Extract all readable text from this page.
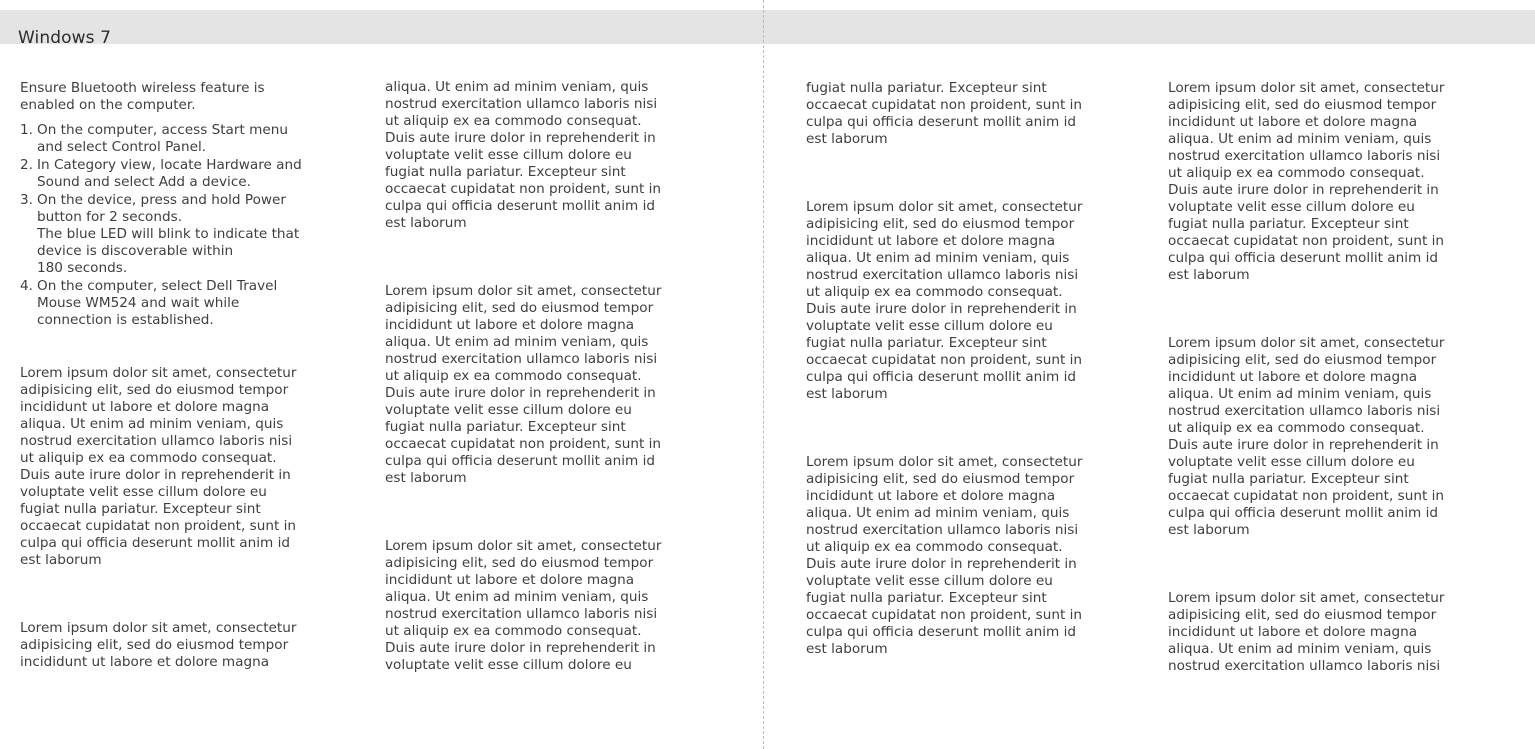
Windows 7

Ensure Bluetooth wireless feature is
enabled on the computer.

1. On the computer, access Start menu
and select Control Panel.
2. In Category view, locate Hardware and
Sound and select Add a device.
3. On the device, press and hold Power
button for 2 seconds.
The blue LED will blink to indicate that
device is discoverable within
180 seconds.
4. On the computer, select Dell Travel
Mouse WM524 and wait while
connection is established.

Lorem ipsum dolor sit amet, consectetur
adipisicing elit, sed do eiusmod tempor
incididunt ut labore et dolore magna
aliqua. Ut enim ad minim veniam, quis
nostrud exercitation ullamco laboris nisi
ut aliquip ex ea commodo consequat.
Duis aute irure dolor in reprehenderit in
voluptate velit esse cillum dolore eu
fugiat nulla pariatur. Excepteur sint
occaecat cupidatat non proident, sunt in
culpa qui officia deserunt mollit anim id
est laborum

Lorem ipsum dolor sit amet, consectetur
adipisicing elit, sed do eiusmod tempor
incididunt ut labore et dolore magna

aliqua. Ut enim ad minim veniam, quis
nostrud exercitation ullamco laboris nisi
ut aliquip ex ea commodo consequat.
Duis aute irure dolor in reprehenderit in
voluptate velit esse cillum dolore eu
fugiat nulla pariatur. Excepteur sint
occaecat cupidatat non proident, sunt in
culpa qui officia deserunt mollit anim id
est laborum

Lorem ipsum dolor sit amet, consectetur
adipisicing elit, sed do eiusmod tempor
incididunt ut labore et dolore magna
aliqua. Ut enim ad minim veniam, quis
nostrud exercitation ullamco laboris nisi
ut aliquip ex ea commodo consequat.
Duis aute irure dolor in reprehenderit in
voluptate velit esse cillum dolore eu
fugiat nulla pariatur. Excepteur sint
occaecat cupidatat non proident, sunt in
culpa qui officia deserunt mollit anim id
est laborum

Lorem ipsum dolor sit amet, consectetur
adipisicing elit, sed do eiusmod tempor
incididunt ut labore et dolore magna
aliqua. Ut enim ad minim veniam, quis
nostrud exercitation ullamco laboris nisi
ut aliquip ex ea commodo consequat.
Duis aute irure dolor in reprehenderit in
voluptate velit esse cillum dolore eu

fugiat nulla pariatur. Excepteur sint
occaecat cupidatat non proident, sunt in
culpa qui officia deserunt mollit anim id
est laborum

Lorem ipsum dolor sit amet, consectetur
adipisicing elit, sed do eiusmod tempor
incididunt ut labore et dolore magna
aliqua. Ut enim ad minim veniam, quis
nostrud exercitation ullamco laboris nisi
ut aliquip ex ea commodo consequat.
Duis aute irure dolor in reprehenderit in
voluptate velit esse cillum dolore eu
fugiat nulla pariatur. Excepteur sint
occaecat cupidatat non proident, sunt in
culpa qui officia deserunt mollit anim id
est laborum

Lorem ipsum dolor sit amet, consectetur
adipisicing elit, sed do eiusmod tempor
incididunt ut labore et dolore magna
aliqua. Ut enim ad minim veniam, quis
nostrud exercitation ullamco laboris nisi
ut aliquip ex ea commodo consequat.
Duis aute irure dolor in reprehenderit in
voluptate velit esse cillum dolore eu
fugiat nulla pariatur. Excepteur sint
occaecat cupidatat non proident, sunt in
culpa qui officia deserunt mollit anim id
est laborum

Lorem ipsum dolor sit amet, consectetur
adipisicing elit, sed do eiusmod tempor
incididunt ut labore et dolore magna
aliqua. Ut enim ad minim veniam, quis
nostrud exercitation ullamco laboris nisi
ut aliquip ex ea commodo consequat.
Duis aute irure dolor in reprehenderit in
voluptate velit esse cillum dolore eu
fugiat nulla pariatur. Excepteur sint
occaecat cupidatat non proident, sunt in
culpa qui officia deserunt mollit anim id
est laborum

Lorem ipsum dolor sit amet, consectetur
adipisicing elit, sed do eiusmod tempor
incididunt ut labore et dolore magna
aliqua. Ut enim ad minim veniam, quis
nostrud exercitation ullamco laboris nisi
ut aliquip ex ea commodo consequat.
Duis aute irure dolor in reprehenderit in
voluptate velit esse cillum dolore eu
fugiat nulla pariatur. Excepteur sint
occaecat cupidatat non proident, sunt in
culpa qui officia deserunt mollit anim id
est laborum

Lorem ipsum dolor sit amet, consectetur
adipisicing elit, sed do eiusmod tempor
incididunt ut labore et dolore magna
aliqua. Ut enim ad minim veniam, quis
nostrud exercitation ullamco laboris nisi
